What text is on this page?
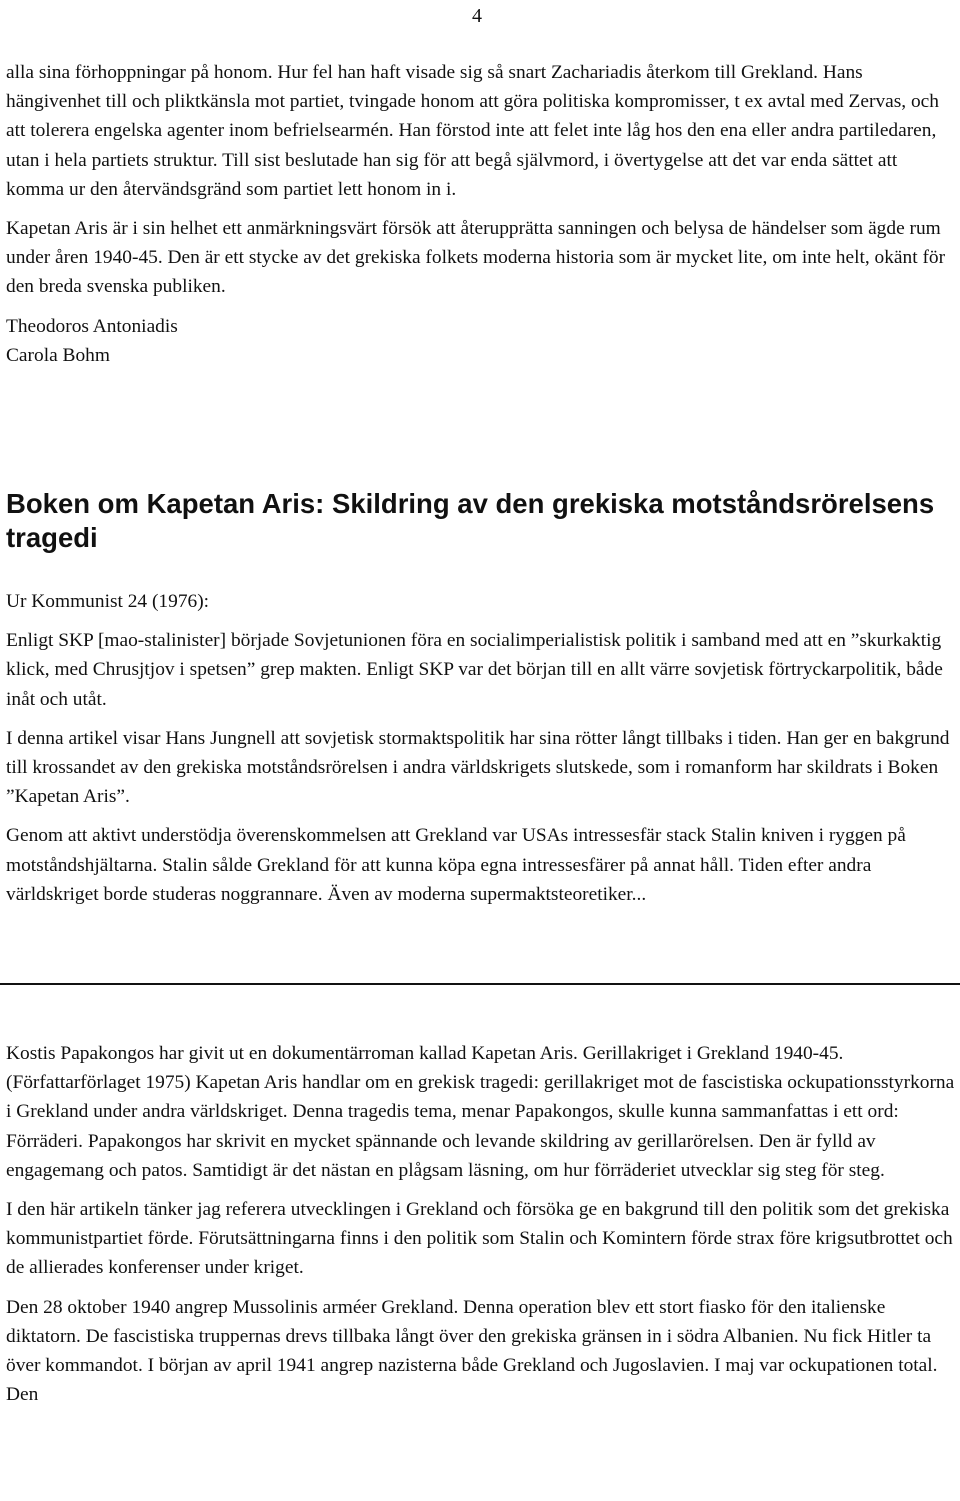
4

alla sina förhoppningar på honom. Hur fel han haft visade sig så snart Zachariadis återkom till Grekland. Hans hängivenhet till och pliktkänsla mot partiet, tvingade honom att göra politiska kompromisser, t ex avtal med Zervas, och att tolerera engelska agenter inom befrielsearmén. Han förstod inte att felet inte låg hos den ena eller andra partiledaren, utan i hela partiets struktur. Till sist beslutade han sig för att begå självmord, i övertygelse att det var enda sättet att komma ur den återvändsgränd som partiet lett honom in i.

Kapetan Aris är i sin helhet ett anmärkningsvärt försök att återupprätta sanningen och belysa de händelser som ägde rum under åren 1940-45. Den är ett stycke av det grekiska folkets moderna historia som är mycket lite, om inte helt, okänt för den breda svenska publiken.

Theodoros Antoniadis

Carola Bohm

Boken om Kapetan Aris: Skildring av den grekiska motståndsrörelsens tragedi

Ur Kommunist 24 (1976):

Enligt SKP [mao-stalinister] började Sovjetunionen föra en socialimperialistisk politik i samband med att en ”skurkaktig klick, med Chrusjtjov i spetsen” grep makten. Enligt SKP var det början till en allt värre sovjetisk förtryckarpolitik, både inåt och utåt.

I denna artikel visar Hans Jungnell att sovjetisk stormaktspolitik har sina rötter långt tillbaks i tiden. Han ger en bakgrund till krossandet av den grekiska motståndsrörelsen i andra världskrigets slutskede, som i romanform har skildrats i Boken ”Kapetan Aris”.

Genom att aktivt understödja överenskommelsen att Grekland var USAs intressesfär stack Stalin kniven i ryggen på motståndshjältarna. Stalin sålde Grekland för att kunna köpa egna intressesfärer på annat håll. Tiden efter andra världskriget borde studeras noggrannare. Även av moderna supermaktsteoretiker...

Kostis Papakongos har givit ut en dokumentärroman kallad Kapetan Aris. Gerillakriget i Grekland 1940-45. (Författarförlaget 1975) Kapetan Aris handlar om en grekisk tragedi: gerillakriget mot de fascistiska ockupationsstyrkorna i Grekland under andra världskriget. Denna tragedis tema, menar Papakongos, skulle kunna sammanfattas i ett ord: Förräderi. Papakongos har skrivit en mycket spännande och levande skildring av gerillarörelsen. Den är fylld av engagemang och patos. Samtidigt är det nästan en plågsam läsning, om hur förräderiet utvecklar sig steg för steg.

I den här artikeln tänker jag referera utvecklingen i Grekland och försöka ge en bakgrund till den politik som det grekiska kommunistpartiet förde. Förutsättningarna finns i den politik som Stalin och Komintern förde strax före krigsutbrottet och de allierades konferenser under kriget.

Den 28 oktober 1940 angrep Mussolinis arméer Grekland. Denna operation blev ett stort fiasko för den italienske diktatorn. De fascistiska truppernas drevs tillbaka långt över den grekiska gränsen in i södra Albanien. Nu fick Hitler ta över kommandot. I början av april 1941 angrep nazisterna både Grekland och Jugoslavien. I maj var ockupationen total. Den
